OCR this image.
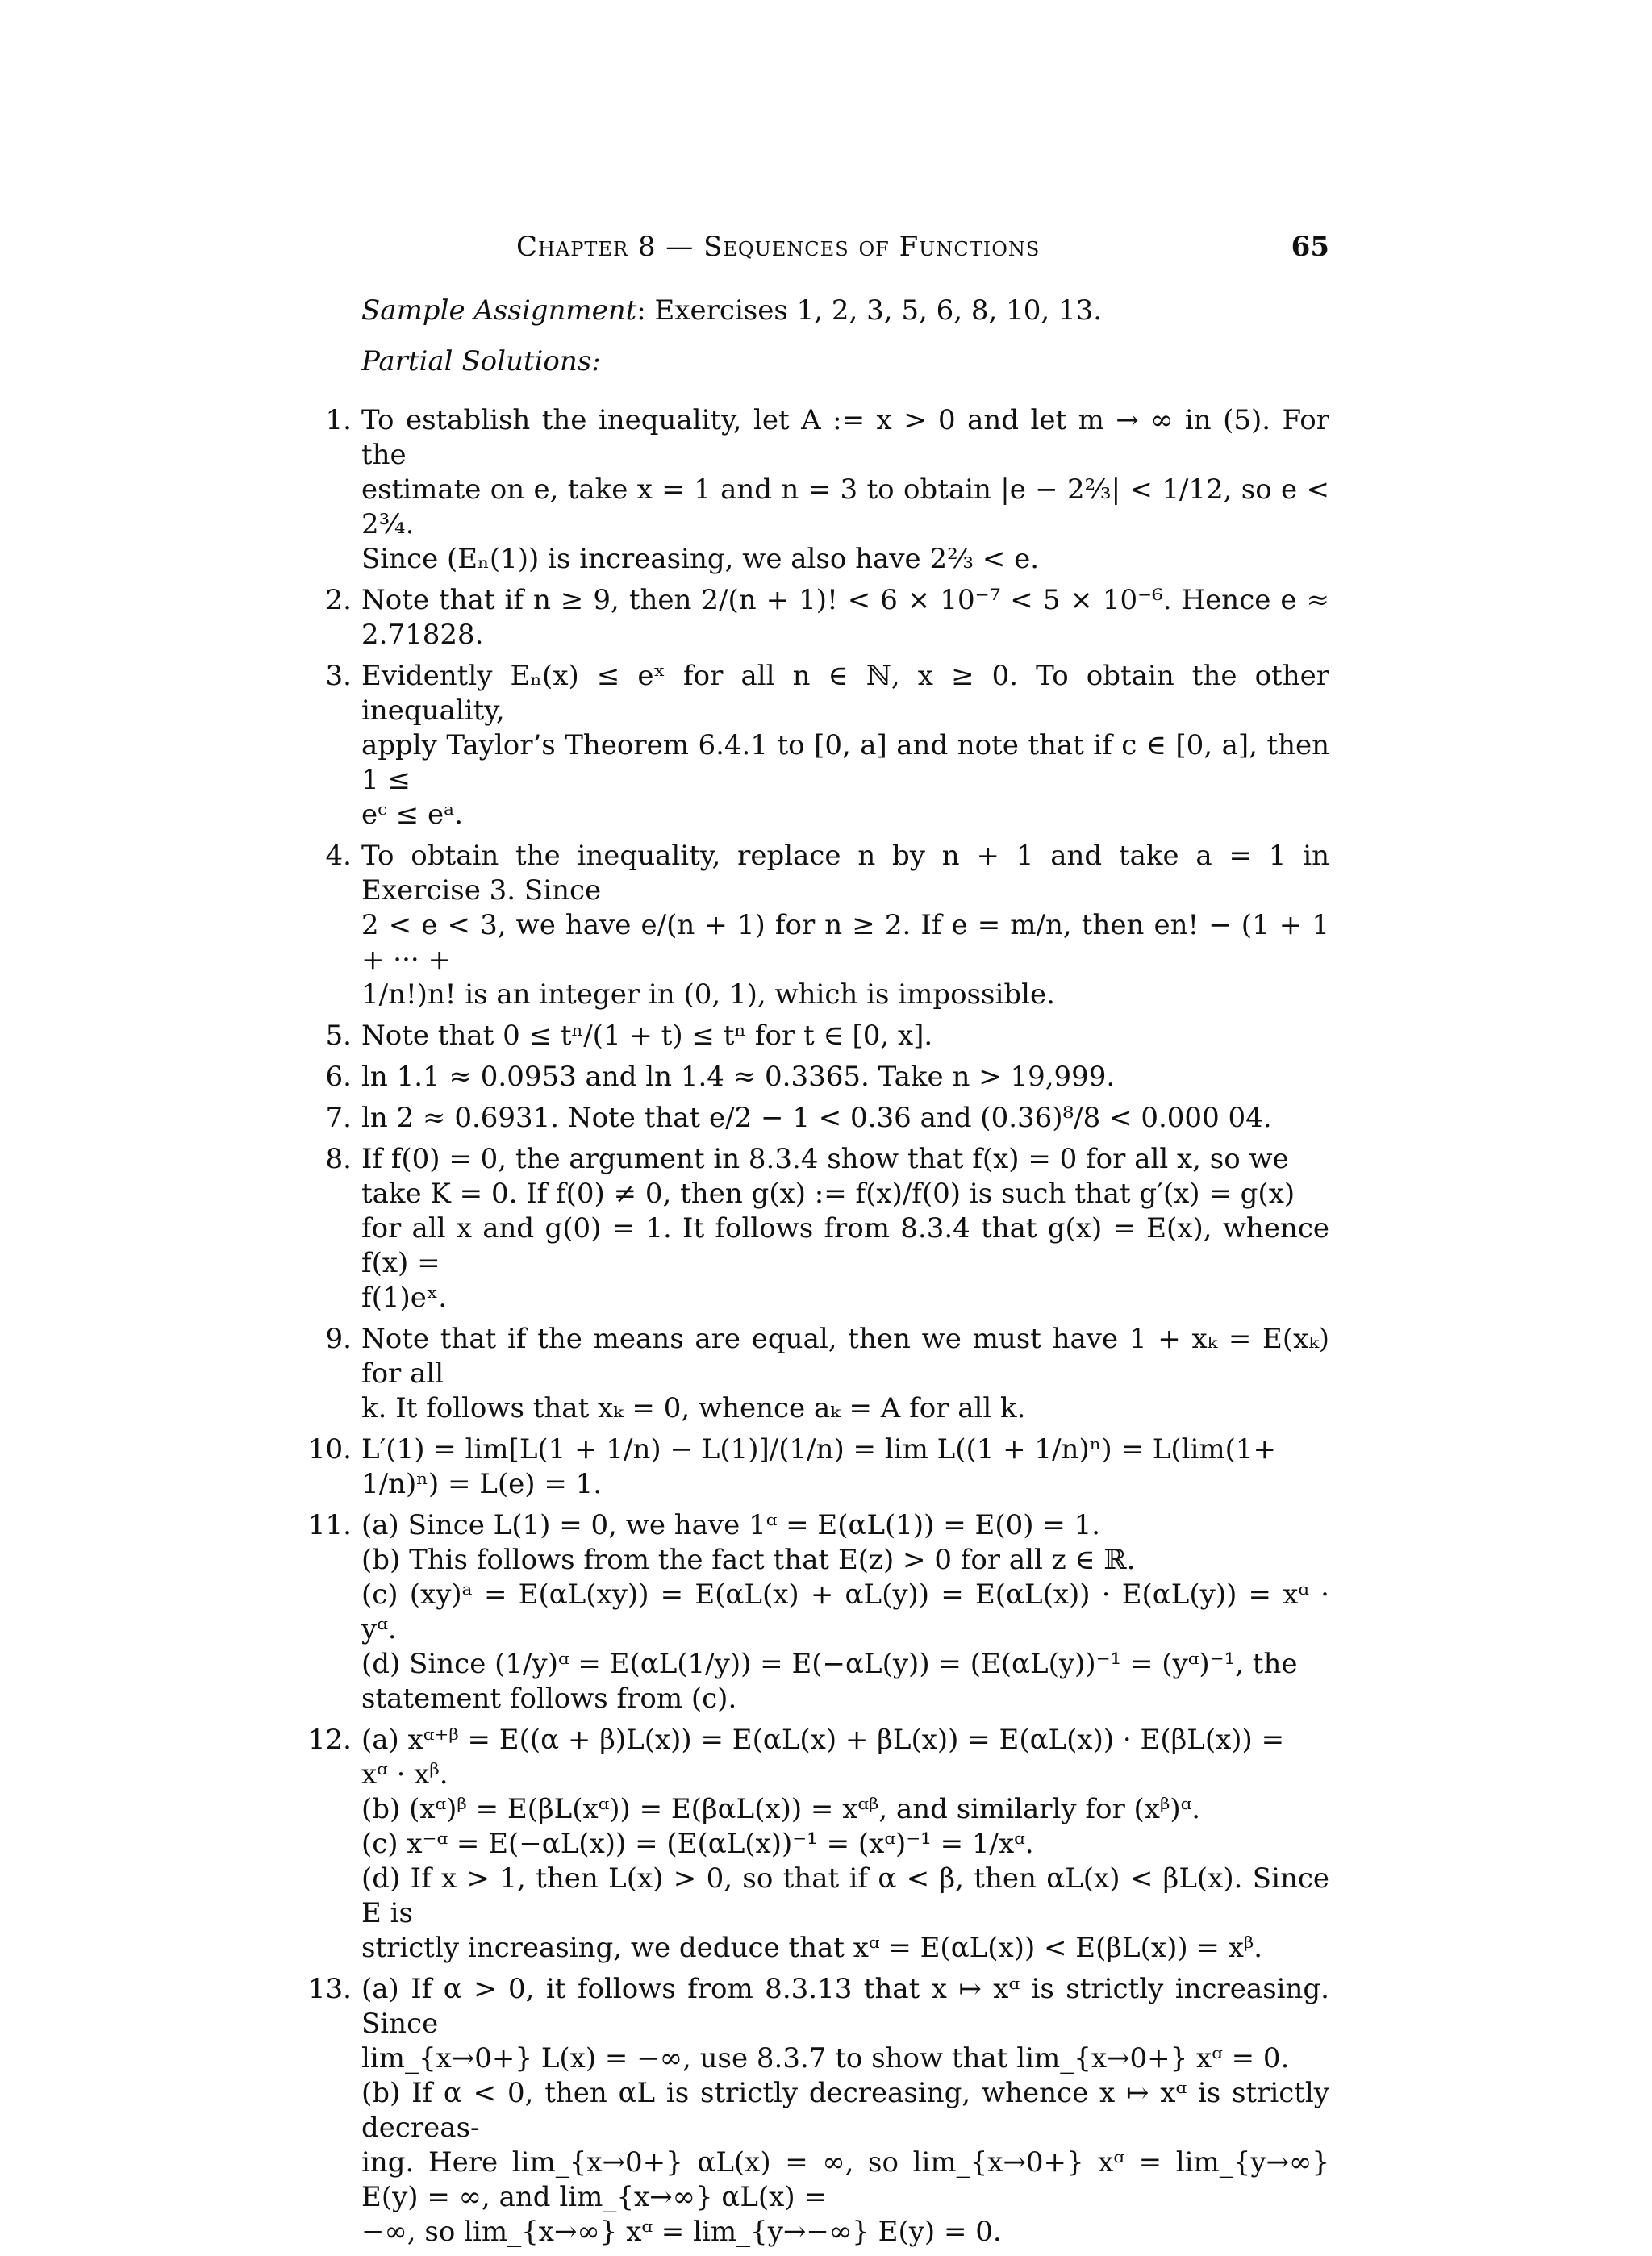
Chapter 8 — Sequences of Functions	65
Sample Assignment: Exercises 1, 2, 3, 5, 6, 8, 10, 13.
Partial Solutions:
1. To establish the inequality, let A := x > 0 and let m → ∞ in (5). For the
estimate on e, take x = 1 and n = 3 to obtain |e − 2⅔| < 1/12, so e < 2¾.
Since (Eₙ(1)) is increasing, we also have 2⅔ < e.
2. Note that if n ≥ 9, then 2/(n + 1)! < 6 × 10⁻⁷ < 5 × 10⁻⁶. Hence e ≈ 2.71828.
3. Evidently Eₙ(x) ≤ eˣ for all n ∈ ℕ, x ≥ 0. To obtain the other inequality,
apply Taylor’s Theorem 6.4.1 to [0, a] and note that if c ∈ [0, a], then 1 ≤
eᶜ ≤ eᵃ.
4. To obtain the inequality, replace n by n + 1 and take a = 1 in Exercise 3. Since
2 < e < 3, we have e/(n + 1) for n ≥ 2. If e = m/n, then en! − (1 + 1 + ··· +
1/n!)n! is an integer in (0, 1), which is impossible.
5. Note that 0 ≤ tⁿ/(1 + t) ≤ tⁿ for t ∈ [0, x].
6. ln 1.1 ≈ 0.0953 and ln 1.4 ≈ 0.3365. Take n > 19,999.
7. ln 2 ≈ 0.6931. Note that e/2 − 1 < 0.36 and (0.36)⁸/8 < 0.000 04.
8. If f(0) = 0, the argument in 8.3.4 show that f(x) = 0 for all x, so we
take K = 0. If f(0) ≠ 0, then g(x) := f(x)/f(0) is such that g′(x) = g(x)
for all x and g(0) = 1. It follows from 8.3.4 that g(x) = E(x), whence f(x) =
f(1)eˣ.
9. Note that if the means are equal, then we must have 1 + xₖ = E(xₖ) for all
k. It follows that xₖ = 0, whence aₖ = A for all k.
10. L′(1) = lim[L(1 + 1/n) − L(1)]/(1/n) = lim L((1 + 1/n)ⁿ) = L(lim(1+
1/n)ⁿ) = L(e) = 1.
11. (a) Since L(1) = 0, we have 1ᵅ = E(αL(1)) = E(0) = 1.
(b) This follows from the fact that E(z) > 0 for all z ∈ ℝ.
(c) (xy)ᵃ = E(αL(xy)) = E(αL(x) + αL(y)) = E(αL(x)) · E(αL(y)) = xᵅ · yᵅ.
(d) Since (1/y)ᵅ = E(αL(1/y)) = E(−αL(y)) = (E(αL(y))⁻¹ = (yᵅ)⁻¹, the
statement follows from (c).
12. (a) xᵅ⁺ᵝ = E((α + β)L(x)) = E(αL(x) + βL(x)) = E(αL(x)) · E(βL(x)) =
xᵅ · xᵝ.
(b) (xᵅ)ᵝ = E(βL(xᵅ)) = E(βαL(x)) = xᵅᵝ, and similarly for (xᵝ)ᵅ.
(c) x⁻ᵅ = E(−αL(x)) = (E(αL(x))⁻¹ = (xᵅ)⁻¹ = 1/xᵅ.
(d) If x > 1, then L(x) > 0, so that if α < β, then αL(x) < βL(x). Since E is
strictly increasing, we deduce that xᵅ = E(αL(x)) < E(βL(x)) = xᵝ.
13. (a) If α > 0, it follows from 8.3.13 that x ↦ xᵅ is strictly increasing. Since
lim_{x→0+} L(x) = −∞, use 8.3.7 to show that lim_{x→0+} xᵅ = 0.
(b) If α < 0, then αL is strictly decreasing, whence x ↦ xᵅ is strictly decreas-
ing. Here lim_{x→0+} αL(x) = ∞, so lim_{x→0+} xᵅ = lim_{y→∞} E(y) = ∞, and lim_{x→∞} αL(x) =
−∞, so lim_{x→∞} xᵅ = lim_{y→−∞} E(y) = 0.
